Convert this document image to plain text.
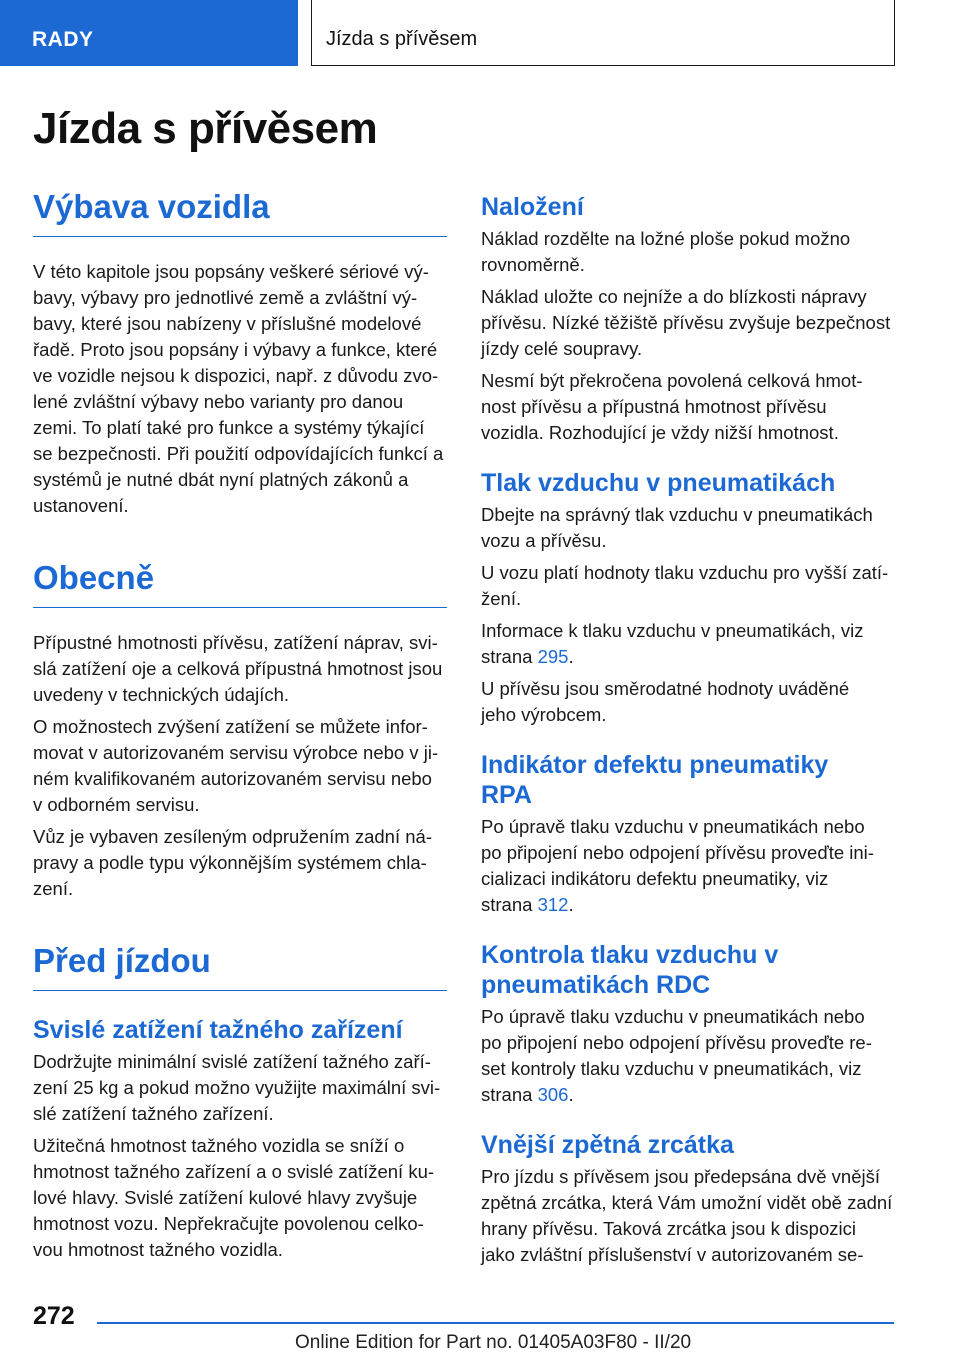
RADY	Jízda s přívěsem
Jízda s přívěsem
Výbava vozidla

V této kapitole jsou popsány veškeré sériové vý-
bavy, výbavy pro jednotlivé země a zvláštní vý-
bavy, které jsou nabízeny v příslušné modelové
řadě. Proto jsou popsány i výbavy a funkce, které
ve vozidle nejsou k dispozici, např. z důvodu zvo-
lené zvláštní výbavy nebo varianty pro danou
zemi. To platí také pro funkce a systémy týkající
se bezpečnosti. Při použití odpovídajících funkcí a
systémů je nutné dbát nyní platných zákonů a
ustanovení.

Obecně

Přípustné hmotnosti přívěsu, zatížení náprav, svi-
slá zatížení oje a celková přípustná hmotnost jsou
uvedeny v technických údajích.

O možnostech zvýšení zatížení se můžete infor-
movat v autorizovaném servisu výrobce nebo v ji-
ném kvalifikovaném autorizovaném servisu nebo
v odborném servisu.

Vůz je vybaven zesíleným odpružením zadní ná-
pravy a podle typu výkonnějším systémem chla-
zení.

Před jízdou
Svislé zatížení tažného zařízení

Dodržujte minimální svislé zatížení tažného zaří-
zení 25 kg a pokud možno využijte maximální svi-
slé zatížení tažného zařízení.

Užitečná hmotnost tažného vozidla se sníží o
hmotnost tažného zařízení a o svislé zatížení ku-
lové hlavy. Svislé zatížení kulové hlavy zvyšuje
hmotnost vozu. Nepřekračujte povolenou celko-
vou hmotnost tažného vozidla.

Naložení

Náklad rozdělte na ložné ploše pokud možno
rovnoměrně.

Náklad uložte co nejníže a do blízkosti nápravy
přívěsu. Nízké těžiště přívěsu zvyšuje bezpečnost
jízdy celé soupravy.

Nesmí být překročena povolená celková hmot-
nost přívěsu a přípustná hmotnost přívěsu
vozidla. Rozhodující je vždy nižší hmotnost.

Tlak vzduchu v pneumatikách

Dbejte na správný tlak vzduchu v pneumatikách
vozu a přívěsu.

U vozu platí hodnoty tlaku vzduchu pro vyšší zatí-
žení.

Informace k tlaku vzduchu v pneumatikách, viz
strana 295.

U přívěsu jsou směrodatné hodnoty uváděné
jeho výrobcem.

Indikátor defektu pneumatiky
RPA

Po úpravě tlaku vzduchu v pneumatikách nebo
po připojení nebo odpojení přívěsu proveďte ini-
cializaci indikátoru defektu pneumatiky, viz
strana 312.

Kontrola tlaku vzduchu v
pneumatikách RDC

Po úpravě tlaku vzduchu v pneumatikách nebo
po připojení nebo odpojení přívěsu proveďte re-
set kontroly tlaku vzduchu v pneumatikách, viz
strana 306.

Vnější zpětná zrcátka

Pro jízdu s přívěsem jsou předepsána dvě vnější
zpětná zrcátka, která Vám umožní vidět obě zadní
hrany přívěsu. Taková zrcátka jsou k dispozici
jako zvláštní příslušenství v autorizovaném se-

272
Online Edition for Part no. 01405A03F80 - II/20
